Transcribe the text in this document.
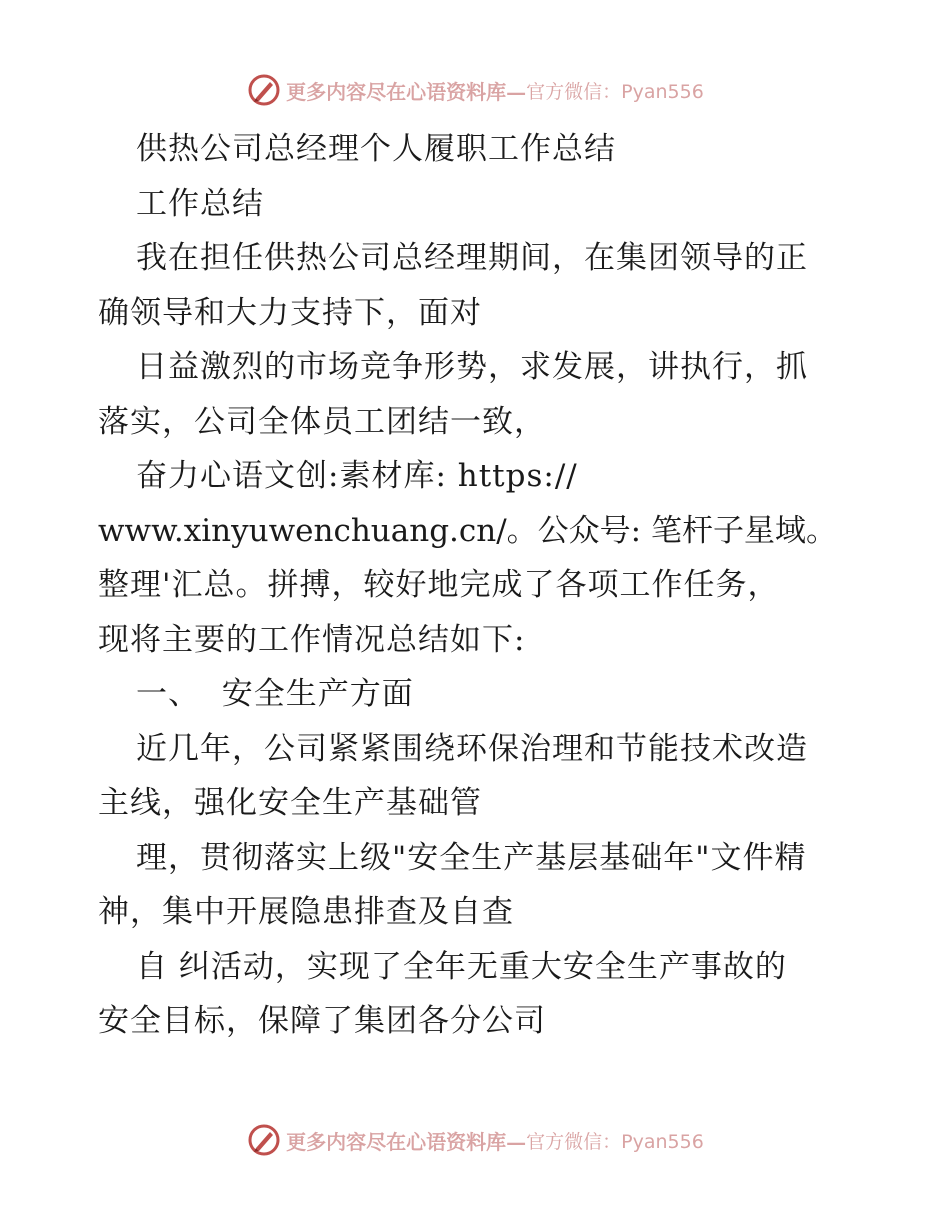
更多内容尽在心语资料库— 官方微信：Pyan556
供热公司总经理个人履职工作总结
工作总结
我在担任供热公司总经理期间，在集团领导的正
确领导和大力支持下，面对
日益激烈的市场竞争形势，求发展，讲执行，抓
落实，公司全体员工团结一致，
奋力心语文创:素材库: https://
www.xinyuwenchuang.cn/。公众号: 笔杆子星域。
整理'汇总。拼搏，较好地完成了各项工作任务，
现将主要的工作情况总结如下:
一、  安全生产方面
近几年，公司紧紧围绕环保治理和节能技术改造
主线，强化安全生产基础管
理，贯彻落实上级"安全生产基层基础年"文件精
神，集中开展隐患排查及自查
自 纠活动，实现了全年无重大安全生产事故的
安全目标，保障了集团各分公司
更多内容尽在心语资料库— 官方微信：Pyan556
